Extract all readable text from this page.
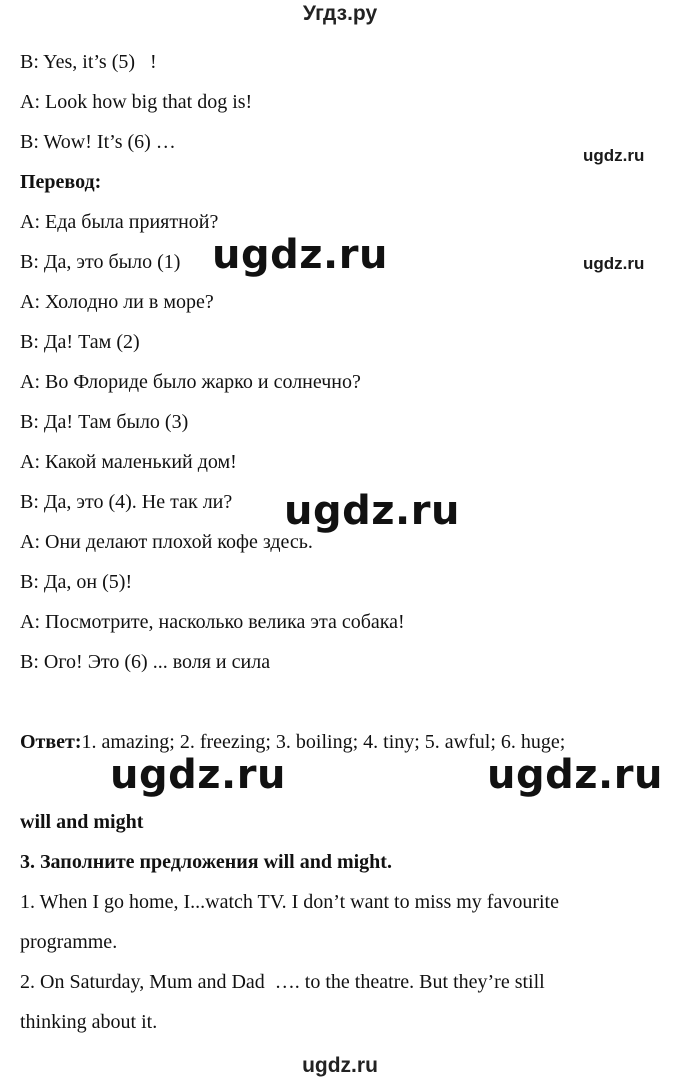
Угдз.ру
B: Yes, it’s (5)   !
A: Look how big that dog is!
B: Wow! It’s (6) …
Перевод:
А: Еда была приятной?
В: Да, это было (1)
А: Холодно ли в море?
В: Да! Там (2)
А: Во Флориде было жарко и солнечно?
В: Да! Там было (3)
А: Какой маленький дом!
В: Да, это (4). Не так ли?
А: Они делают плохой кофе здесь.
В: Да, он (5)!
А: Посмотрите, насколько велика эта собака!
В: Ого! Это (6) ... воля и сила
Ответ:1. amazing; 2. freezing; 3. boiling; 4. tiny; 5. awful; 6. huge;
will and might
3. Заполните предложения will and might.
1. When I go home, I...watch TV. I don’t want to miss my favourite
programme.
2. On Saturday, Mum and Dad  …. to the theatre. But they’re still
thinking about it.
ugdz.ru
ugdz.ru
ugdz.ru
ugdz.ru
ugdz.ru	ugdz.ru
ugdz.ru
